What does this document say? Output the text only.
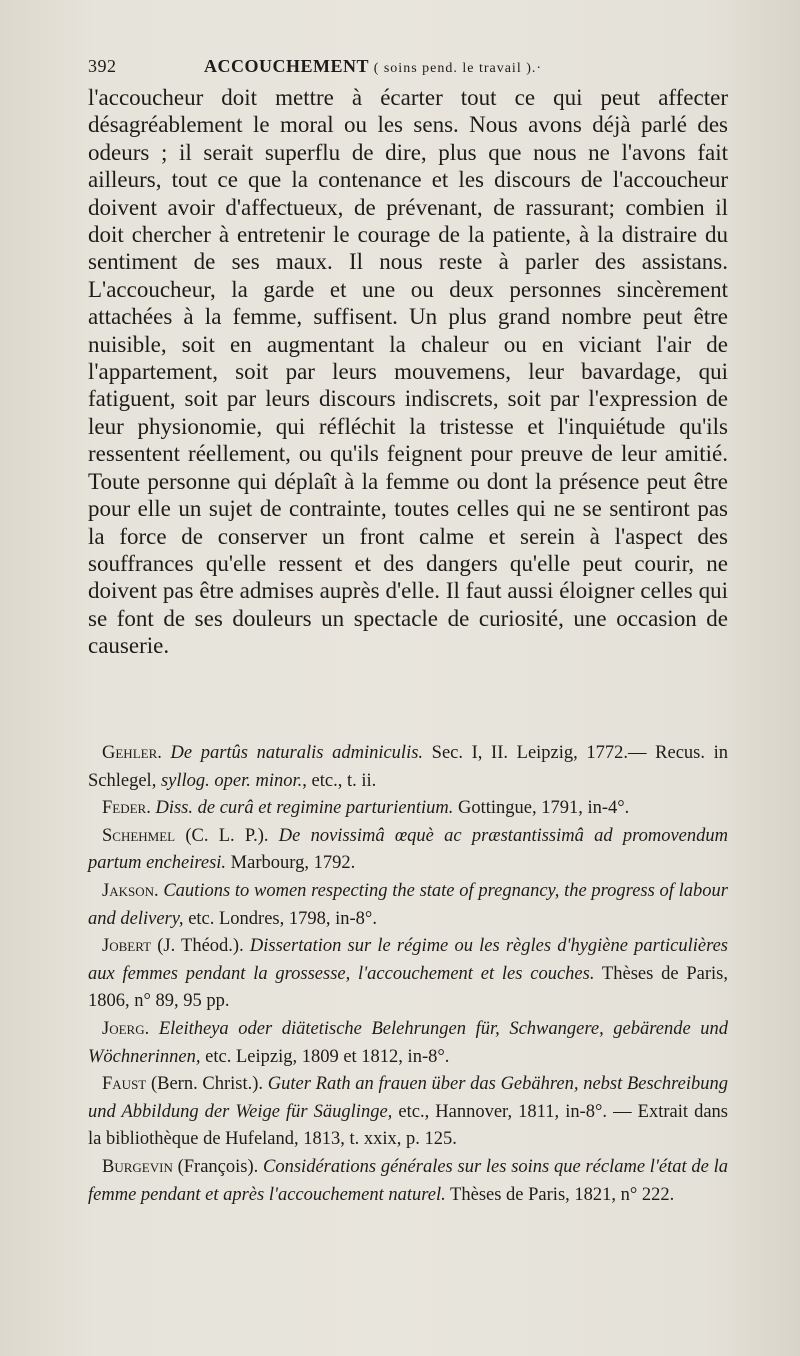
392	ACCOUCHEMENT ( soins pend. le travail ).·

l'accoucheur doit mettre à écarter tout ce qui peut affecter désagréablement le moral ou les sens. Nous avons déjà parlé des odeurs ; il serait superflu de dire, plus que nous ne l'avons fait ailleurs, tout ce que la contenance et les discours de l'accoucheur doivent avoir d'affectueux, de prévenant, de rassurant; combien il doit chercher à entretenir le courage de la patiente, à la distraire du sentiment de ses maux. Il nous reste à parler des assistans. L'accoucheur, la garde et une ou deux personnes sincèrement attachées à la femme, suffisent. Un plus grand nombre peut être nuisible, soit en augmentant la chaleur ou en viciant l'air de l'appartement, soit par leurs mouvemens, leur bavardage, qui fatiguent, soit par leurs discours indiscrets, soit par l'expression de leur physionomie, qui réfléchit la tristesse et l'inquiétude qu'ils ressentent réellement, ou qu'ils feignent pour preuve de leur amitié. Toute personne qui déplaît à la femme ou dont la présence peut être pour elle un sujet de contrainte, toutes celles qui ne se sentiront pas la force de conserver un front calme et serein à l'aspect des souffrances qu'elle ressent et des dangers qu'elle peut courir, ne doivent pas être admises auprès d'elle. Il faut aussi éloigner celles qui se font de ses douleurs un spectacle de curiosité, une occasion de causerie.

Gehler. De partûs naturalis adminiculis. Sec. I, II. Leipzig, 1772.— Recus. in Schlegel, syllog. oper. minor., etc., t. ii.

Feder. Diss. de curâ et regimine parturientium. Gottingue, 1791, in-4°.

Schehmel (C. L. P.). De novissimâ œquè ac præstantissimâ ad promovendum partum encheiresi. Marbourg, 1792.

Jakson. Cautions to women respecting the state of pregnancy, the progress of labour and delivery, etc. Londres, 1798, in-8°.

Jobert (J. Théod.). Dissertation sur le régime ou les règles d'hygiène particulières aux femmes pendant la grossesse, l'accouchement et les couches. Thèses de Paris, 1806, n° 89, 95 pp.

Joerg. Eleitheya oder diätetische Belehrungen für, Schwangere, gebärende und Wöchnerinnen, etc. Leipzig, 1809 et 1812, in-8°.

Faust (Bern. Christ.). Guter Rath an frauen über das Gebähren, nebst Beschreibung und Abbildung der Weige für Säuglinge, etc., Hannover, 1811, in-8°. — Extrait dans la bibliothèque de Hufeland, 1813, t. xxix, p. 125.

Burgevin (François). Considérations générales sur les soins que réclame l'état de la femme pendant et après l'accouchement naturel. Thèses de Paris, 1821, n° 222.
